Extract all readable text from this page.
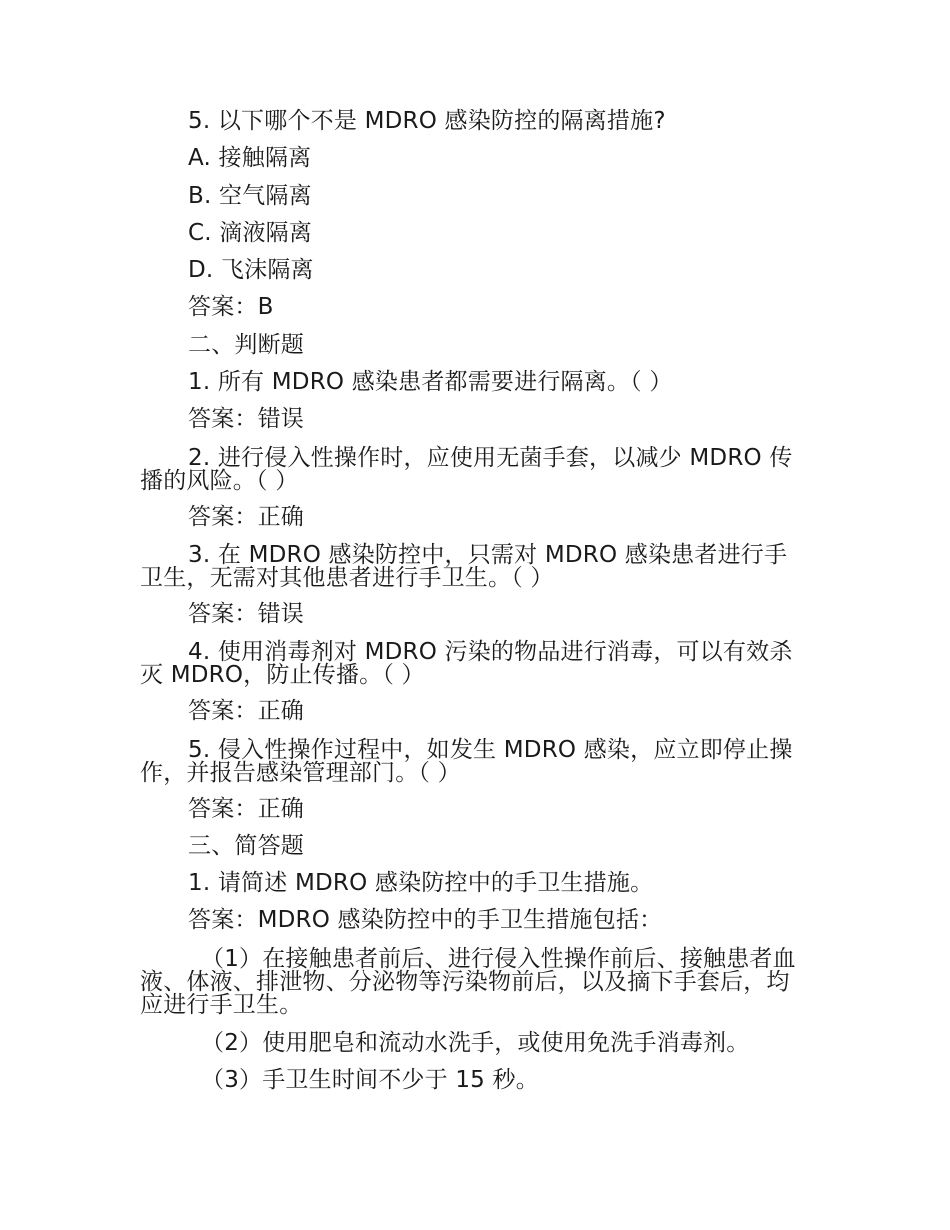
5. 以下哪个不是 MDRO 感染防控的隔离措施?
A. 接触隔离
B. 空气隔离
C. 滴液隔离
D. 飞沫隔离
答案：B
二、判断题
1. 所有 MDRO 感染患者都需要进行隔离。（ ）
答案：错误
2. 进行侵入性操作时，应使用无菌手套，以减少 MDRO 传播的风险。（ ）
答案：正确
3. 在 MDRO 感染防控中，只需对 MDRO 感染患者进行手卫生，无需对其他患者进行手卫生。（ ）
答案：错误
4. 使用消毒剂对 MDRO 污染的物品进行消毒，可以有效杀灭 MDRO，防止传播。（ ）
答案：正确
5. 侵入性操作过程中，如发生 MDRO 感染，应立即停止操作，并报告感染管理部门。（ ）
答案：正确
三、简答题
1. 请简述 MDRO 感染防控中的手卫生措施。
答案：MDRO 感染防控中的手卫生措施包括：
（1）在接触患者前后、进行侵入性操作前后、接触患者血液、体液、排泄物、分泌物等污染物前后，以及摘下手套后，均应进行手卫生。
（2）使用肥皂和流动水洗手，或使用免洗手消毒剂。
（3）手卫生时间不少于 15 秒。
